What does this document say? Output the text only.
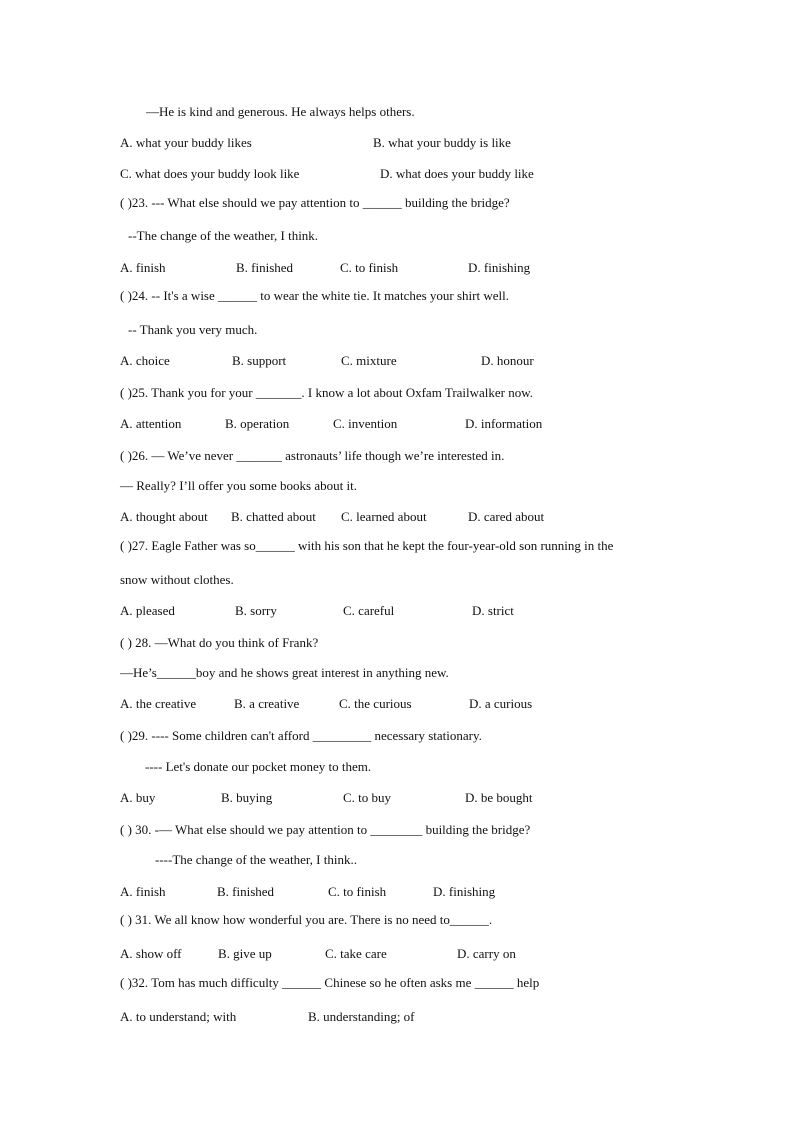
—He is kind and generous. He always helps others.
A. what your buddy likes	B. what your buddy is like
C. what does your buddy look like	D. what does your buddy like
( )23. --- What else should we pay attention to ______ building the bridge?
--The change of the weather, I think.
A. finish	B. finished	C. to finish	D. finishing
( )24. -- It's a wise ______ to wear the white tie. It matches your shirt well.
-- Thank you very much.
A. choice	B. support	C. mixture	D. honour
( )25. Thank you for your _______. I know a lot about Oxfam Trailwalker now.
A. attention	B. operation	C. invention	D. information
( )26. — We’ve never _______ astronauts’ life though we’re interested in.
— Really? I’ll offer you some books about it.
A. thought about B. chatted about C. learned about	D. cared about
( )27. Eagle Father was so______ with his son that he kept the four-year-old son running in the
snow without clothes.
A. pleased	B. sorry	C. careful	D. strict
( ) 28. —What do you think of Frank?
—He’s______boy and he shows great interest in anything new.
A. the creative	B. a creative	C. the curious	D. a curious
( )29. ---- Some children can't afford _________ necessary stationary.
---- Let's donate our pocket money to them.
A. buy	B. buying	C. to buy	D. be bought
( ) 30. -— What else should we pay attention to ________ building the bridge?
----The change of the weather, I think..
A. finish	B. finished	C. to finish	D. finishing
( ) 31. We all know how wonderful you are. There is no need to______.
A. show off	B. give up	C. take care	D. carry on
( )32. Tom has much difficulty ______ Chinese so he often asks me ______ help
A. to understand; with	B. understanding; of
